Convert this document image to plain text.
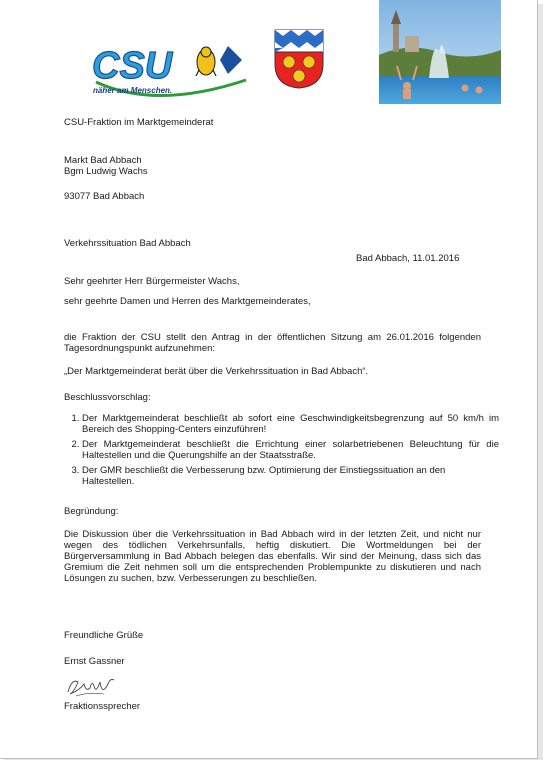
CSU
näher am Menschen.
CSU-Fraktion im Marktgemeinderat
Markt Bad Abbach
Bgm Ludwig Wachs
93077 Bad Abbach
Verkehrssituation Bad Abbach
Bad Abbach, 11.01.2016
Sehr geehrter Herr Bürgermeister Wachs,
sehr geehrte Damen und Herren des Marktgemeinderates,
die Fraktion der CSU stellt den Antrag in der öffentlichen Sitzung am 26.01.2016 folgenden Tagesordnungspunkt aufzunehmen:
„Der Marktgemeinderat berät über die Verkehrssituation in Bad Abbach“.
Beschlussvorschlag:
1. Der Marktgemeinderat beschließt ab sofort eine Geschwindigkeitsbegrenzung auf 50 km/h im Bereich des Shopping-Centers einzuführen!
2. Der Marktgemeinderat beschließt die Errichtung einer solarbetriebenen Beleuchtung für die Haltestellen und die Querungshilfe an der Staatsstraße.
3. Der GMR beschließt die Verbesserung bzw. Optimierung der Einstiegssituation an den Haltestellen.
Begründung:
Die Diskussion über die Verkehrssituation in Bad Abbach wird in der letzten Zeit, und nicht nur wegen des tödlichen Verkehrsunfalls, heftig diskutiert. Die Wortmeldungen bei der Bürgerversammlung in Bad Abbach belegen das ebenfalls. Wir sind der Meinung, dass sich das Gremium die Zeit nehmen soll um die entsprechenden Problempunkte zu diskutieren und nach Lösungen zu suchen, bzw. Verbesserungen zu beschließen.
Freundliche Grüße
Ernst Gassner
Fraktionssprecher
